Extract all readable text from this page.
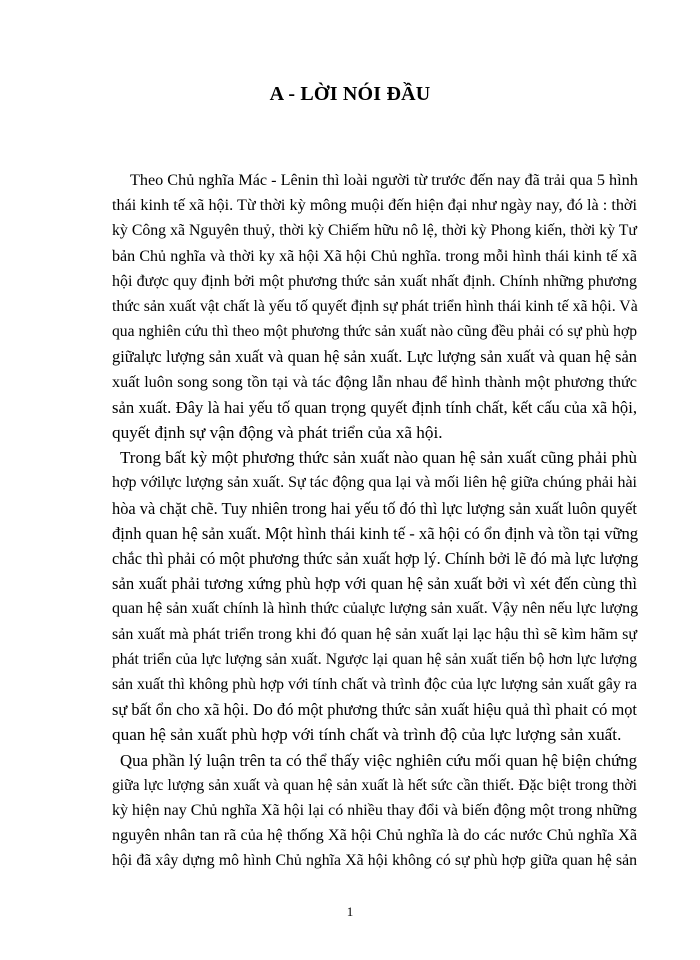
A - LỜI NÓI ĐẦU

Theo Chủ nghĩa Mác - Lênin thì loài người từ trước đến nay đã trải qua 5 hình
thái kinh tế xã hội. Từ thời kỳ mông muội đến hiện đại như ngày nay, đó là : thời
kỳ Công xã Nguyên thuỷ, thời kỳ Chiếm hữu nô lệ, thời kỳ Phong kiến, thời kỳ Tư
bản Chủ nghĩa và thời ky xã hội Xã hội Chủ nghĩa. trong mỗi hình thái kinh tế xã
hội được quy định bởi một phương thức sản xuất nhất định. Chính những phương
thức sản xuất vật chất là yếu tố quyết định sự phát triển hình thái kinh tế xã hội. Và
qua nghiên cứu thì theo một phương thức sản xuất nào cũng đều phải có sự phù hợp
giữalực lượng sản xuất và quan hệ sản xuất. Lực lượng sản xuất và quan hệ sản
xuất luôn song song tồn tại và tác động lẫn nhau để hình thành một phương thức
sản xuất. Đây là hai yếu tố quan trọng quyết định tính chất, kết cấu của xã hội,
quyết định sự vận động và phát triển của xã hội.

Trong bất kỳ một phương thức sản xuất nào quan hệ sản xuất cũng phải phù
hợp vớilực lượng sản xuất. Sự tác động qua lại và mối liên hệ giữa chúng phải hài
hòa và chặt chẽ. Tuy nhiên trong hai yếu tố đó thì lực lượng sản xuất luôn quyết
định quan hệ sản xuất. Một hình thái kinh tế - xã hội có ổn định và tồn tại vững
chắc thì phải có một phương thức sản xuất hợp lý. Chính bởi lẽ đó mà lực lượng
sản xuất phải tương xứng phù hợp với quan hệ sản xuất bởi vì xét đến cùng thì
quan hệ sản xuất chính là hình thức củalực lượng sản xuất. Vậy nên nếu lực lượng
sản xuất mà phát triển trong khi đó quan hệ sản xuất lại lạc hậu thì sẽ kìm hãm sự
phát triển của lực lượng sản xuất. Ngược lại quan hệ sản xuất tiến bộ hơn lực lượng
sản xuất thì không phù hợp với tính chất và trình độc của lực lượng sản xuất gây ra
sự bất ổn cho xã hội. Do đó một phương thức sản xuất hiệu quả thì phait có mọt
quan hệ sản xuất phù hợp với tính chất và trình độ của lực lượng sản xuất.

Qua phần lý luận trên ta có thể thấy việc nghiên cứu mối quan hệ biện chứng
giữa lực lượng sản xuất và quan hệ sản xuất là hết sức cần thiết. Đặc biệt trong thời
kỳ hiện nay Chủ nghĩa Xã hội lại có nhiều thay đổi và biến động một trong những
nguyên nhân tan rã của hệ thống Xã hội Chủ nghĩa là do các nước Chủ nghĩa Xã
hội đã xây dựng mô hình Chủ nghĩa Xã hội không có sự phù hợp giữa quan hệ sản

1
